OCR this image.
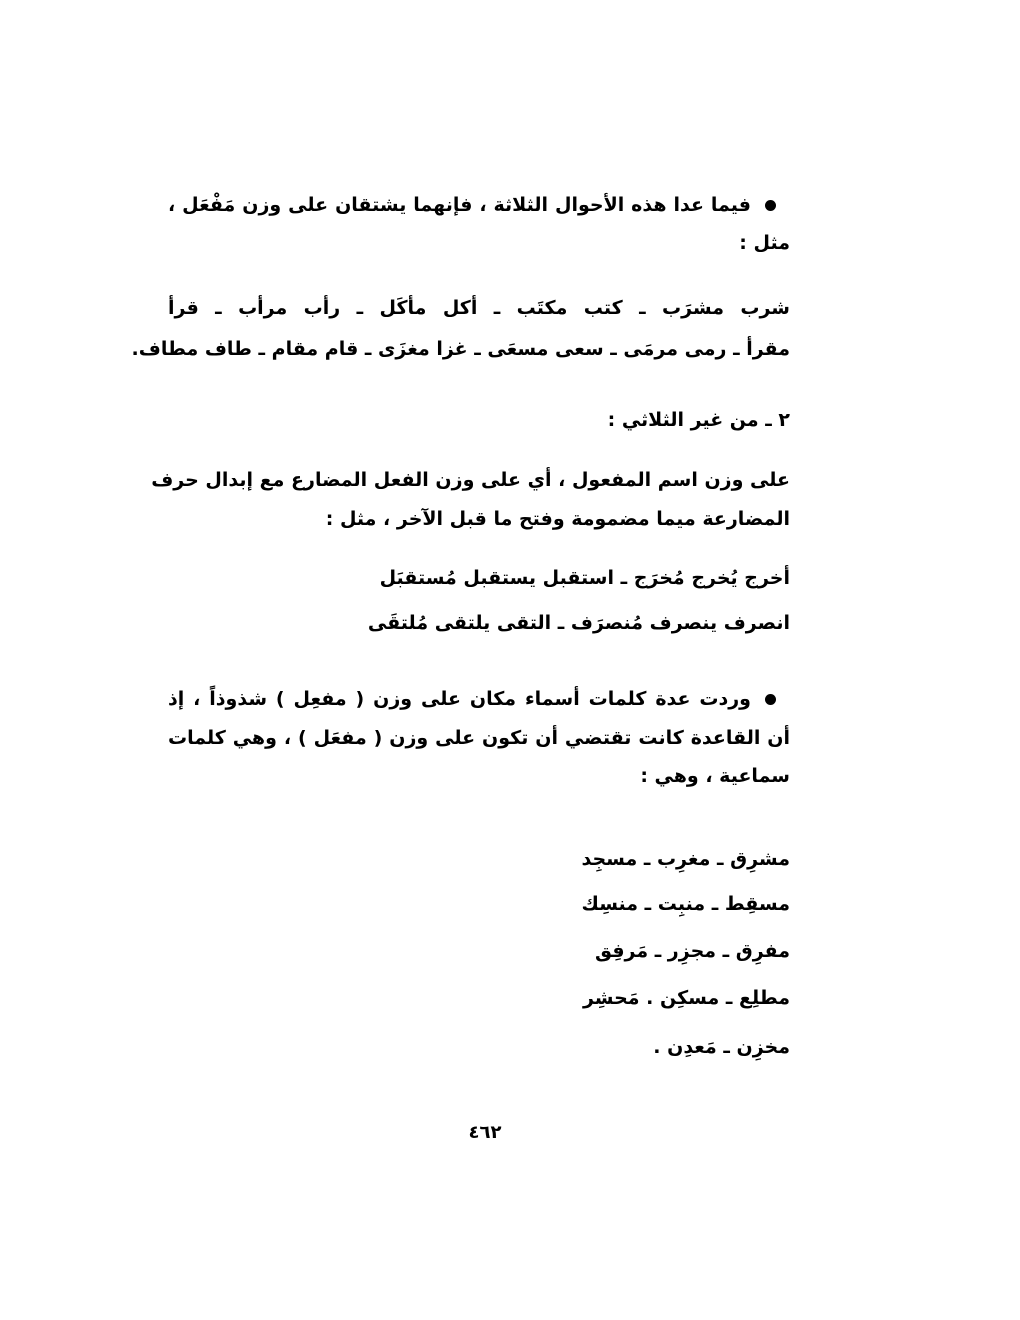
فيما عدا هذه الأحوال الثلاثة ، فإنهما يشتقان على وزن مَفْعَل ،
مثل :
شرب مشرَب ـ كتب مكتَب ـ أكل مأكَل ـ رأب مرأب ـ قرأ
مقرأ ـ رمى مرمَى ـ سعى مسعَى ـ غزا مغزَى ـ قام مقام ـ طاف مطاف.
٢ ـ من غير الثلاثي :
على وزن اسم المفعول ، أي على وزن الفعل المضارع مع إبدال حرف
المضارعة ميما مضمومة وفتح ما قبل الآخر ، مثل :
أخرج يُخرج مُخرَج ـ استقبل يستقبل مُستقبَل
انصرف ينصرف مُنصرَف ـ التقى يلتقى مُلتقَى
وردت عدة كلمات أسماء مكان على وزن ( مفعِل ) شذوذاً ، إذ
أن القاعدة كانت تقتضي أن تكون على وزن ( مفعَل ) ، وهي كلمات
سماعية ، وهي :
مشرِق ـ مغرِب ـ مسجِد
مسقِط ـ منبِت ـ منسِك
مفرِق ـ مجزِر ـ مَرفِق
مطلِع ـ مسكِن . مَحشِر
مخزِن ـ مَعدِن .
٤٦٢
